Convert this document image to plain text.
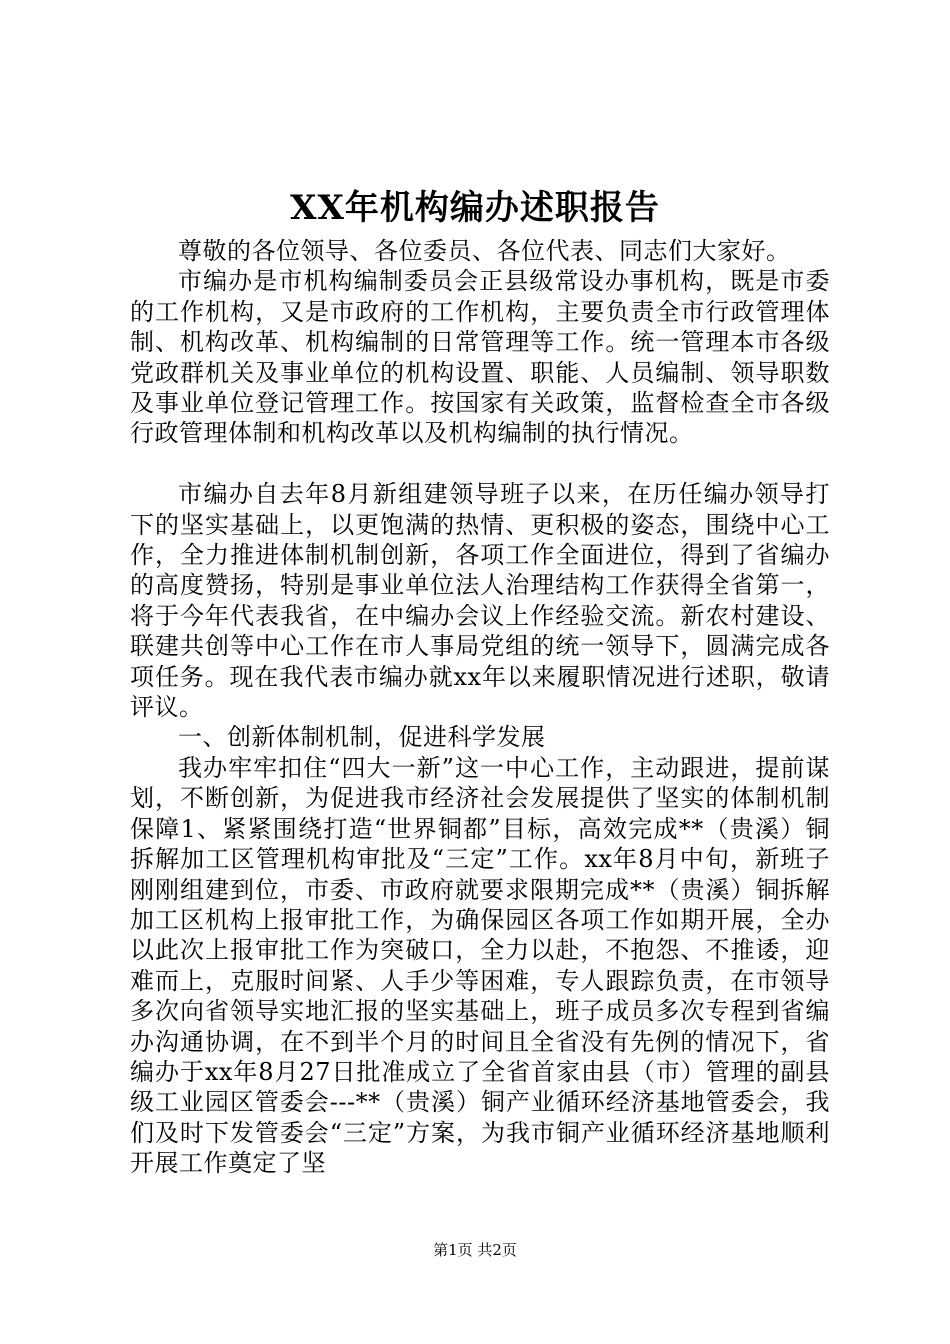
XX年机构编办述职报告

尊敬的各位领导、各位委员、各位代表、同志们大家好。

市编办是市机构编制委员会正县级常设办事机构，既是市委的工作机构，又是市政府的工作机构，主要负责全市行政管理体制、机构改革、机构编制的日常管理等工作。统一管理本市各级党政群机关及事业单位的机构设置、职能、人员编制、领导职数及事业单位登记管理工作。按国家有关政策，监督检查全市各级行政管理体制和机构改革以及机构编制的执行情况。

市编办自去年8月新组建领导班子以来，在历任编办领导打下的坚实基础上，以更饱满的热情、更积极的姿态，围绕中心工作，全力推进体制机制创新，各项工作全面进位，得到了省编办的高度赞扬，特别是事业单位法人治理结构工作获得全省第一，将于今年代表我省，在中编办会议上作经验交流。新农村建设、联建共创等中心工作在市人事局党组的统一领导下，圆满完成各项任务。现在我代表市编办就xx年以来履职情况进行述职，敬请评议。

一、创新体制机制，促进科学发展

我办牢牢扣住“四大一新”这一中心工作，主动跟进，提前谋划，不断创新，为促进我市经济社会发展提供了坚实的体制机制保障1、紧紧围绕打造“世界铜都”目标，高效完成**（贵溪）铜拆解加工区管理机构审批及“三定”工作。xx年8月中旬，新班子刚刚组建到位，市委、市政府就要求限期完成**（贵溪）铜拆解加工区机构上报审批工作，为确保园区各项工作如期开展，全办以此次上报审批工作为突破口，全力以赴，不抱怨、不推诿，迎难而上，克服时间紧、人手少等困难，专人跟踪负责，在市领导多次向省领导实地汇报的坚实基础上，班子成员多次专程到省编办沟通协调，在不到半个月的时间且全省没有先例的情况下，省编办于xx年8月27日批准成立了全省首家由县（市）管理的副县级工业园区管委会---**（贵溪）铜产业循环经济基地管委会，我们及时下发管委会“三定”方案，为我市铜产业循环经济基地顺利开展工作奠定了坚

第1页 共2页
